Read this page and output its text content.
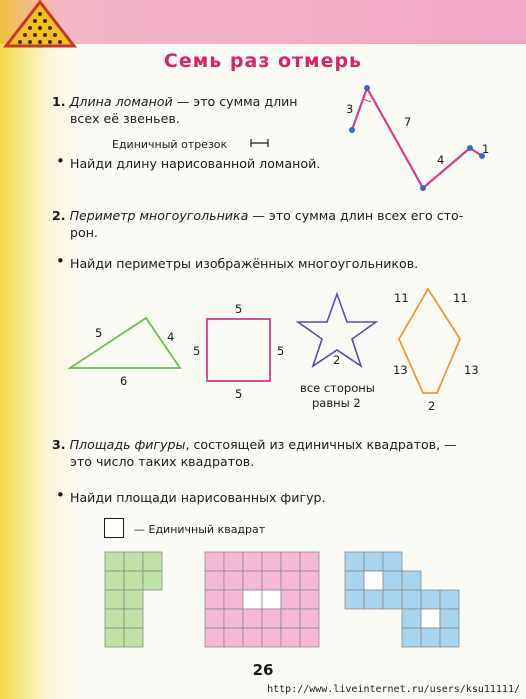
Семь раз отмерь
1. Длина ломаной — это сумма длин
всех её звеньев.
Единичный отрезок
• Найди длину нарисованной ломаной.
3
7
4
1
2. Периметр многоугольника — это сумма длин всех его сто-
рон.
• Найди периметры изображённых многоугольников.
5	4
6
5
5	5
5
2
все стороны
равны 2
11	11
13	13
2
3. Площадь фигуры, состоящей из единичных квадратов, —
это число таких квадратов.
• Найди площади нарисованных фигур.
— Единичный квадрат
26
http://www.liveinternet.ru/users/ksu11111/
